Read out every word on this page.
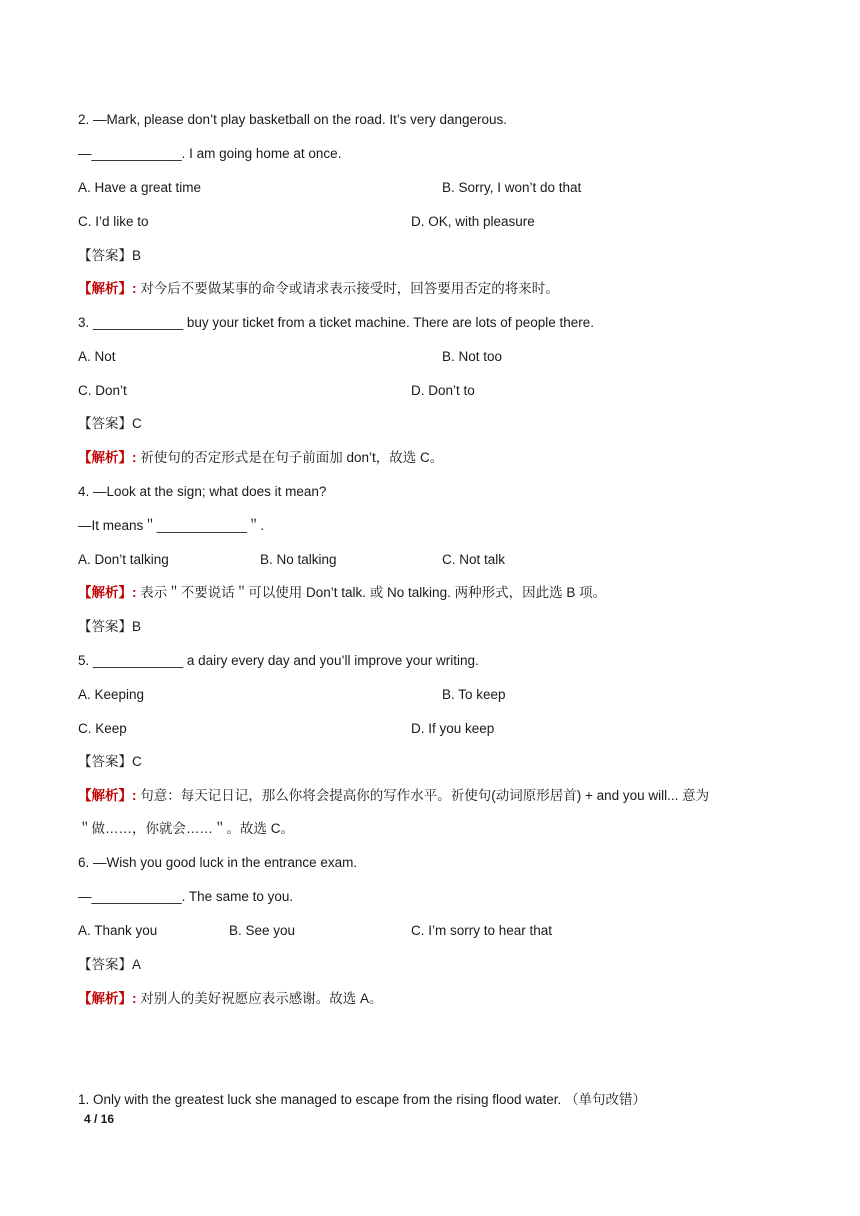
2. —Mark, please don’t play basketball on the road. It’s very dangerous.
—____________. I am going home at once.
A. Have a great time	B. Sorry, I won’t do that
C. I’d like to	D. OK, with pleasure
【答案】B
【解析】: 对今后不要做某事的命令或请求表示接受时，回答要用否定的将来时。
3. ____________ buy your ticket from a ticket machine. There are lots of people there.
A. Not	B. Not too
C. Don’t	D. Don’t to
【答案】C
【解析】: 祈使句的否定形式是在句子前面加 don’t，故选 C。
4. —Look at the sign; what does it mean?
—It means＂____________＂.
A. Don’t talking	B. No talking	C. Not talk
【解析】: 表示＂不要说话＂可以使用 Don’t talk. 或 No talking. 两种形式，因此选 B 项。
【答案】B
5. ____________ a dairy every day and you’ll improve your writing.
A. Keeping	B. To keep
C. Keep	D. If you keep
【答案】C
【解析】: 句意：每天记日记，那么你将会提高你的写作水平。祈使句(动词原形居首) + and you will... 意为
＂做……，你就会……＂。故选 C。
6. —Wish you good luck in the entrance exam.
—____________. The same to you.
A. Thank you	B. See you	C. I’m sorry to hear that
【答案】A
【解析】: 对别人的美好祝愿应表示感谢。故选 A。
1. Only with the greatest luck she managed to escape from the rising flood water. （单句改错）
4 / 16
